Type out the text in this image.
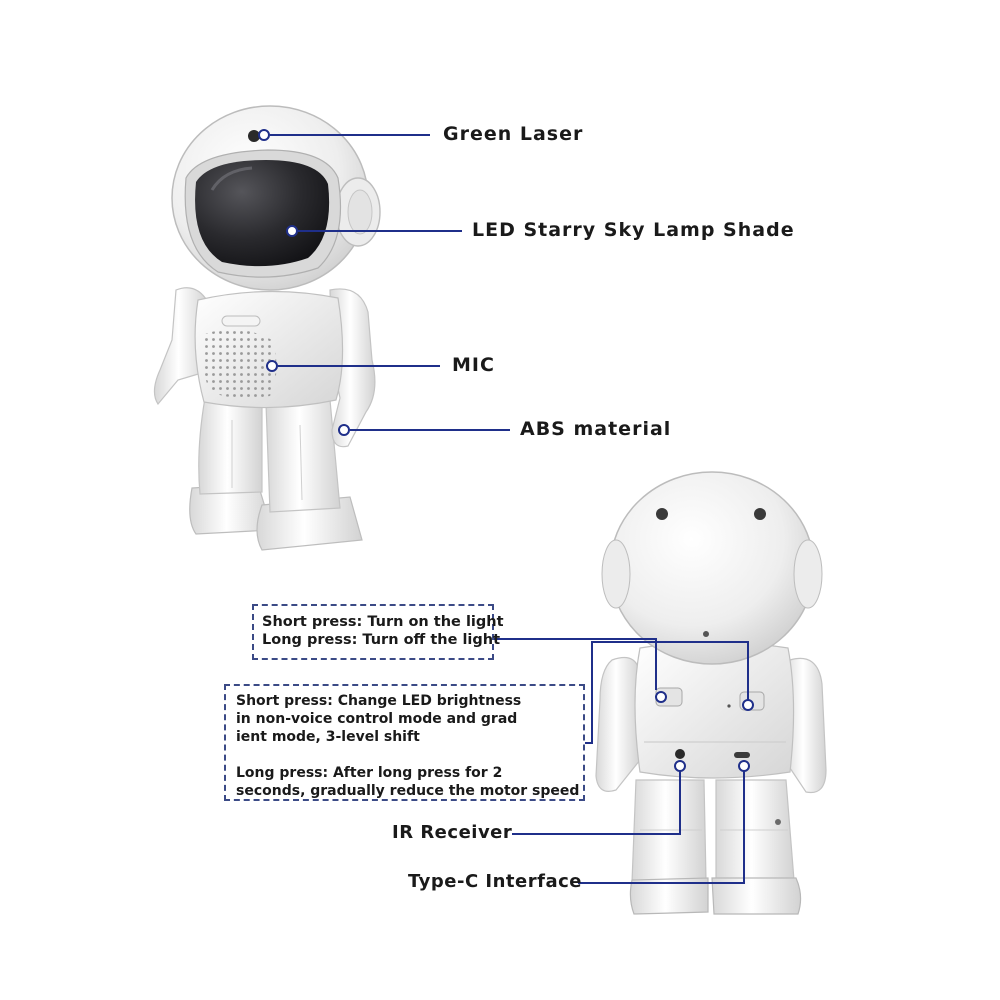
Green Laser
LED Starry Sky Lamp Shade
MIC
ABS material
IR Receiver
Type-C Interface
Short press: Turn on the light
Long press: Turn off the light
Short press: Change LED brightness
in non-voice control mode and grad
ient mode, 3-level shift
Long press: After long press for 2
seconds, gradually reduce the motor speed
